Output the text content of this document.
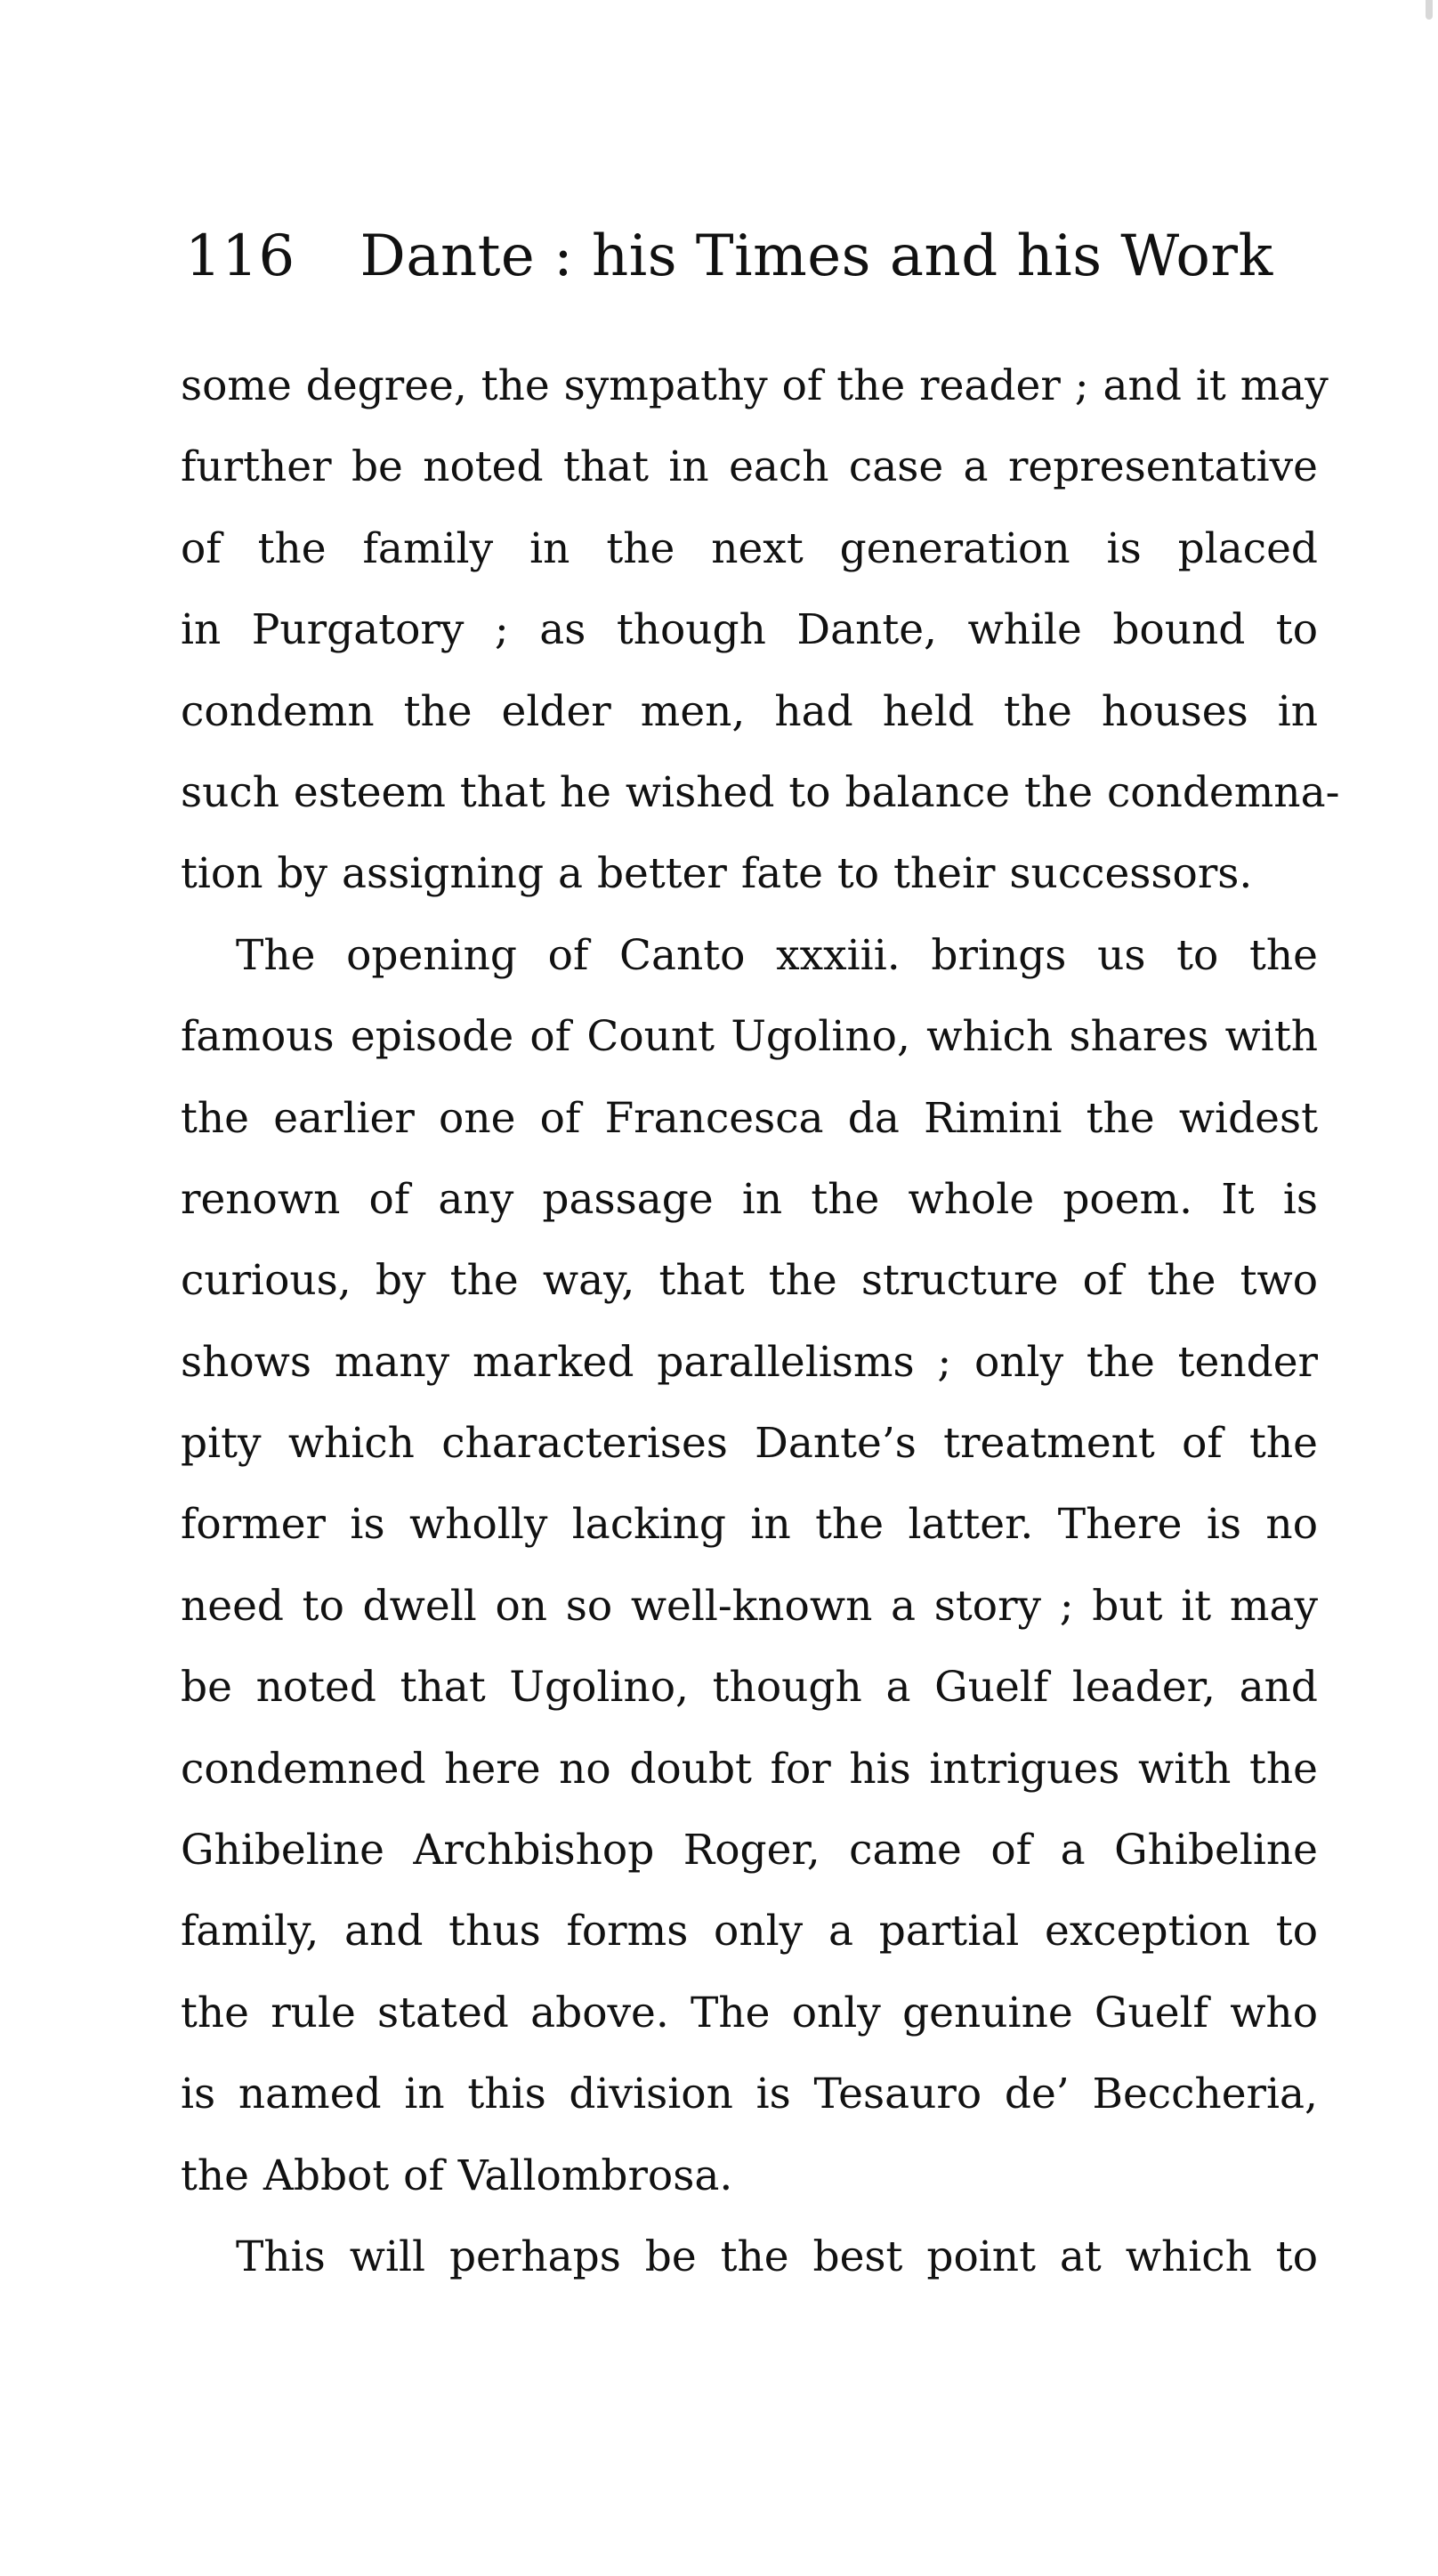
116 Dante : his Times and his Work
some degree, the sympathy of the reader ; and it may
further be noted that in each case a representative
of the family in the next generation is placed
in Purgatory ; as though Dante, while bound to
condemn the elder men, had held the houses in
such esteem that he wished to balance the condemna-
tion by assigning a better fate to their successors.
The opening of Canto xxxiii. brings us to the
famous episode of Count Ugolino, which shares with
the earlier one of Francesca da Rimini the widest
renown of any passage in the whole poem. It is
curious, by the way, that the structure of the two
shows many marked parallelisms ; only the tender
pity which characterises Dante’s treatment of the
former is wholly lacking in the latter. There is no
need to dwell on so well-known a story ; but it may
be noted that Ugolino, though a Guelf leader, and
condemned here no doubt for his intrigues with the
Ghibeline Archbishop Roger, came of a Ghibeline
family, and thus forms only a partial exception to
the rule stated above. The only genuine Guelf who
is named in this division is Tesauro de’ Beccheria,
the Abbot of Vallombrosa.
This will perhaps be the best point at which to
